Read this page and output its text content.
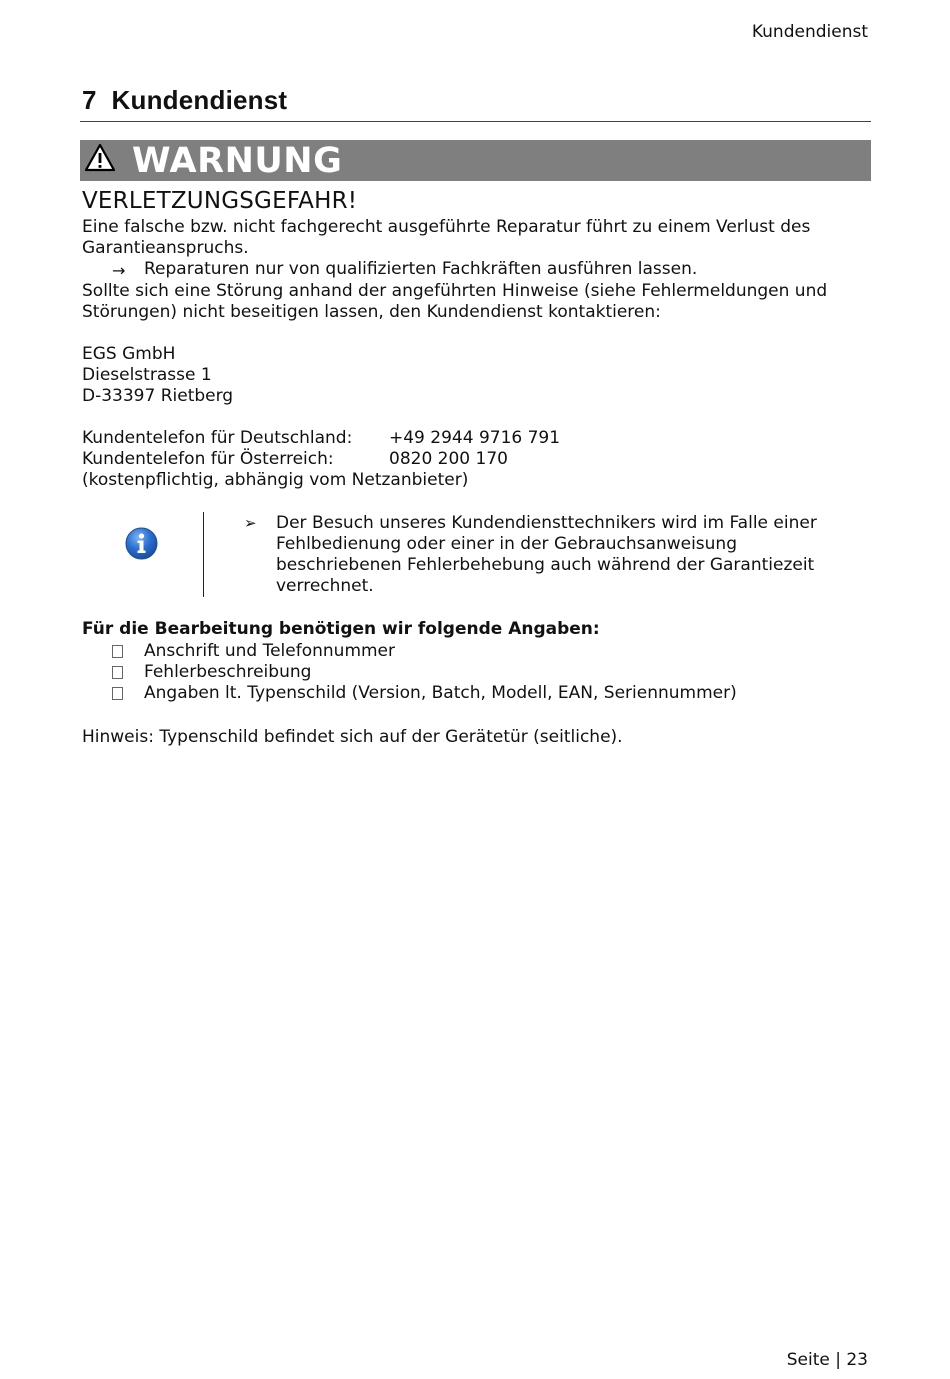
Kundendienst
7 Kundendienst
WARNUNG
VERLETZUNGSGEFAHR!
Eine falsche bzw. nicht fachgerecht ausgeführte Reparatur führt zu einem Verlust des
Garantieanspruchs.
→ Reparaturen nur von qualifizierten Fachkräften ausführen lassen.
Sollte sich eine Störung anhand der angeführten Hinweise (siehe Fehlermeldungen und
Störungen) nicht beseitigen lassen, den Kundendienst kontaktieren:
EGS GmbH
Dieselstrasse 1
D-33397 Rietberg
Kundentelefon für Deutschland: +49 2944 9716 791
Kundentelefon für Österreich:	0820 200 170
(kostenpflichtig, abhängig vom Netzanbieter)
➢ Der Besuch unseres Kundendiensttechnikers wird im Falle einer
Fehlbedienung oder einer in der Gebrauchsanweisung
beschriebenen Fehlerbehebung auch während der Garantiezeit
verrechnet.
Für die Bearbeitung benötigen wir folgende Angaben:
Anschrift und Telefonnummer
Fehlerbeschreibung
Angaben lt. Typenschild (Version, Batch, Modell, EAN, Seriennummer)
Hinweis: Typenschild befindet sich auf der Gerätetür (seitliche).
Seite | 23
